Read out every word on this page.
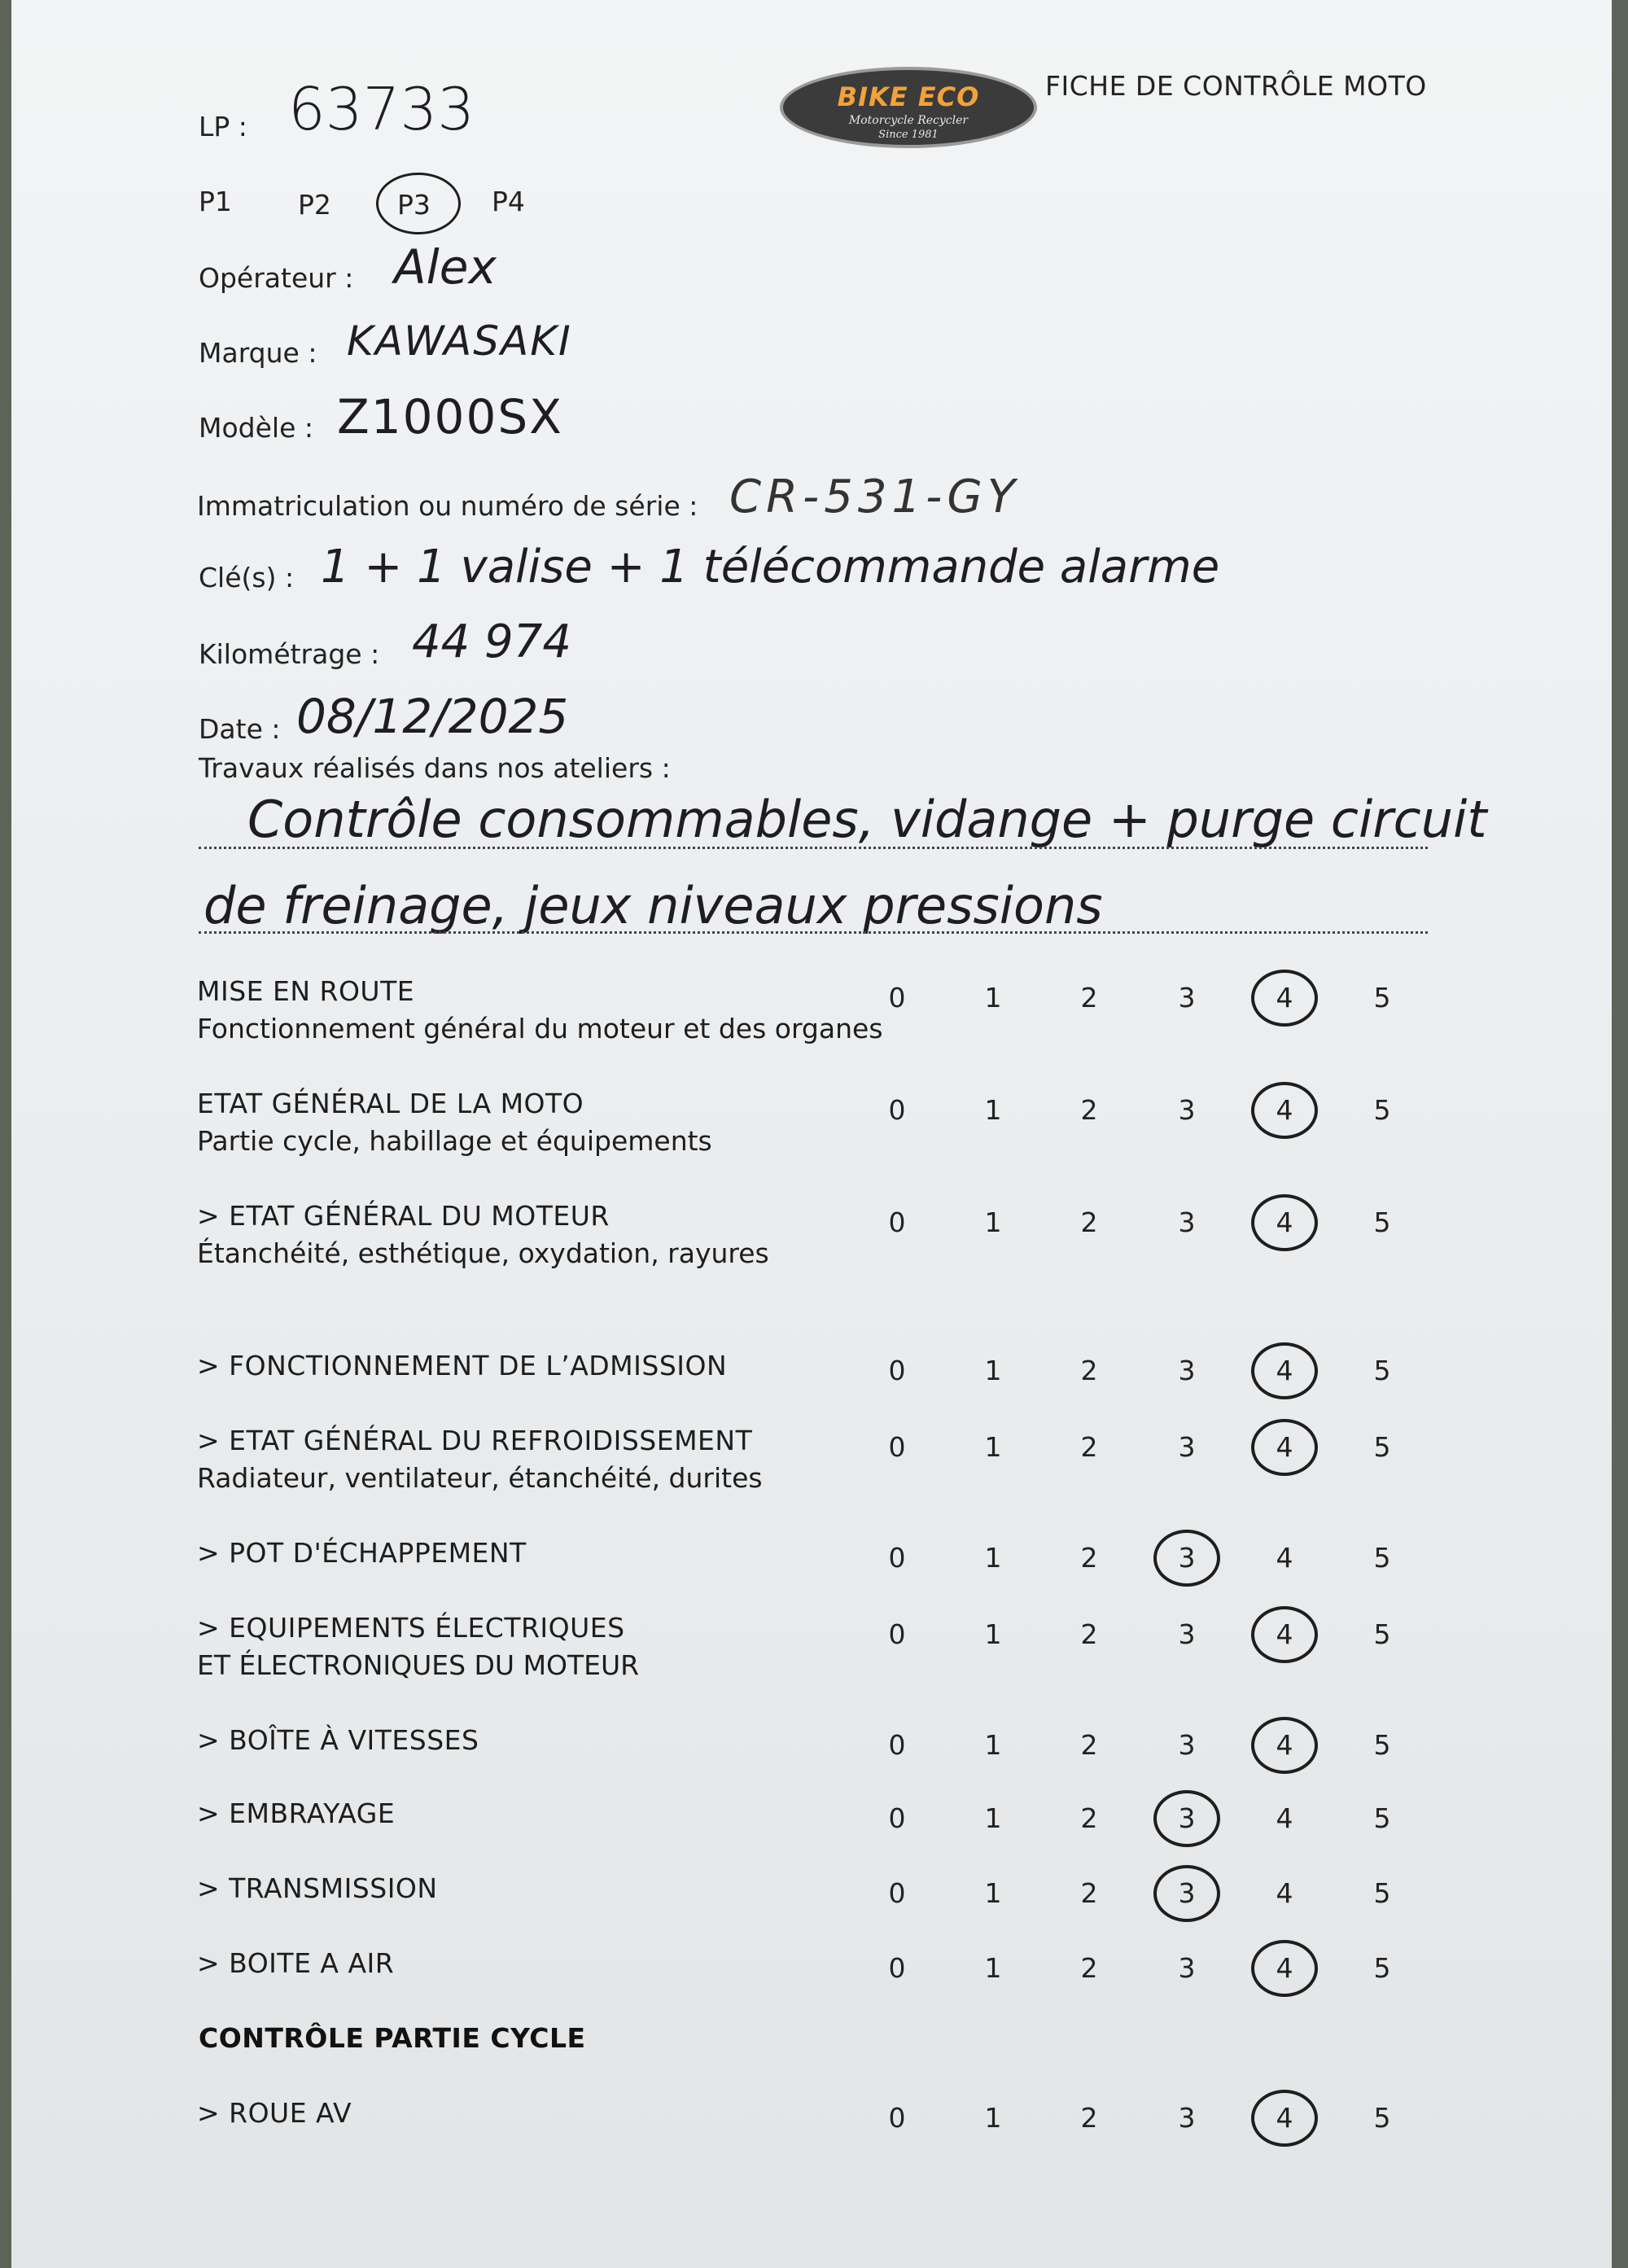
BIKE ECO
Motorcycle Recycler
Since 1981
FICHE DE CONTRÔLE MOTO
LP : 63733
P1 P2 P3 P4
Opérateur : Alex
Marque : KAWASAKI
Modèle : Z1000SX
Immatriculation ou numéro de série : CR-531-GY
Clé(s) : 1 + 1 valise + 1 télécommande alarme
Kilométrage : 44 974
Date : 08/12/2025
Travaux réalisés dans nos ateliers :
Contrôle consommables, vidange + purge circuit
de freinage, jeux niveaux pressions
MISE EN ROUTE
Fonctionnement général du moteur et des organes
0	1	2	3	4	5
ETAT GÉNÉRAL DE LA MOTO
Partie cycle, habillage et équipements
0	1	2	3	4	5
> ETAT GÉNÉRAL DU MOTEUR
Étanchéité, esthétique, oxydation, rayures
0	1	2	3	4	5
> FONCTIONNEMENT DE L’ADMISSION	0	1	2	3	4	5
> ETAT GÉNÉRAL DU REFROIDISSEMENT
Radiateur, ventilateur, étanchéité, durites
0	1	2	3	4	5
> POT D'ÉCHAPPEMENT	0	1	2	3	4	5
> EQUIPEMENTS ÉLECTRIQUES
ET ÉLECTRONIQUES DU MOTEUR
0	1	2	3	4	5
> BOÎTE À VITESSES	0	1	2	3	4	5
> EMBRAYAGE	0	1	2	3	4	5
> TRANSMISSION	0	1	2	3	4	5
> BOITE A AIR	0	1	2	3	4	5
CONTRÔLE PARTIE CYCLE
> ROUE AV	0	1	2	3	4	5
